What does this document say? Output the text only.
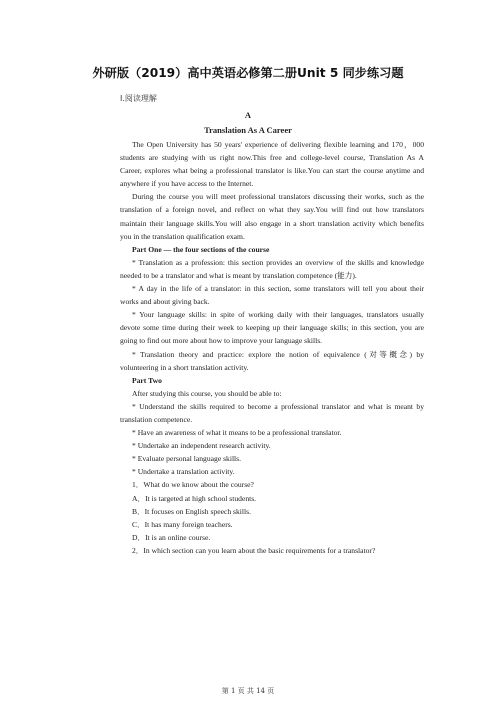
外研版（2019）高中英语必修第二册Unit 5 同步练习题
Ⅰ.阅读理解
A
Translation As A Career
The Open University has 50 years' experience of delivering flexible learning and 170，000
students are studying with us right now.This free and college-level course, Translation As A
Career, explores what being a professional translator is like.You can start the course anytime and
anywhere if you have access to the Internet.
During the course you will meet professional translators discussing their works, such as the
translation of a foreign novel, and reflect on what they say.You will find out how translators
maintain their language skills.You will also engage in a short translation activity which benefits
you in the translation qualification exam.
Part One — the four sections of the course
* Translation as a profession: this section provides an overview of the skills and knowledge
needed to be a translator and what is meant by translation competence (能力).
* A day in the life of a translator: in this section, some translators will tell you about their
works and about giving back.
* Your language skills: in spite of working daily with their languages, translators usually
devote some time during their week to keeping up their language skills; in this section, you are
going to find out more about how to improve your language skills.
* Translation theory and practice: explore the notion of equivalence (对等概念) by
volunteering in a short translation activity.
Part Two
After studying this course, you should be able to:
* Understand the skills required to become a professional translator and what is meant by
translation competence.
* Have an awareness of what it means to be a professional translator.
* Undertake an independent research activity.
* Evaluate personal language skills.
* Undertake a translation activity.
1．What do we know about the course?
A．It is targeted at high school students.
B．It focuses on English speech skills.
C．It has many foreign teachers.
D．It is an online course.
2．In which section can you learn about the basic requirements for a translator?
第 1 页 共 14 页
